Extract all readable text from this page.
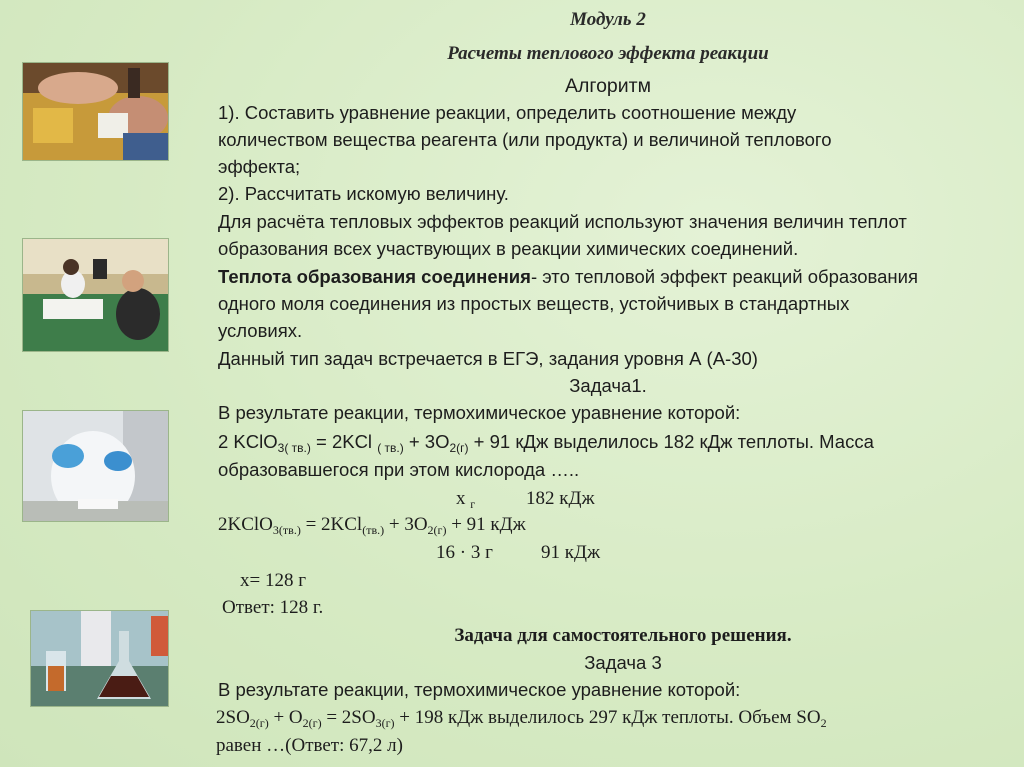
Модуль 2
Расчеты теплового эффекта реакции
Алгоритм
1). Составить уравнение реакции, определить соотношение между
количеством вещества реагента (или продукта) и величиной теплового
эффекта;
2). Рассчитать искомую величину.
Для расчёта тепловых эффектов реакций используют значения величин теплот
образования всех участвующих в реакции химических соединений.
Теплота образования соединения- это тепловой эффект реакций образования
одного моля соединения из простых веществ, устойчивых в стандартных
условиях.
Данный тип задач встречается в ЕГЭ, задания уровня А (А-30)
Задача1.
В результате реакции, термохимическое уравнение которой:
2 KClO$_{3( тв.)}$ = 2KCl $_{( тв.)} + 3O_{2(г)} + 91$ кДж выделилось 182 кДж теплоты. Масса
образовавшегося при этом кислорода …..
х $_г$	182 кДж
2KClO$_{3(тв.)}$ = $2KCl_{(тв.)} + 3O_{2(г)} + 91$ кДж
16 · 3 г	91 кДж
х= 128 г
Ответ: 128 г.
Задача для самостоятельного решения.
Задача 3
В результате реакции, термохимическое уравнение которой:
$2SO_{2(г)} + O_{2(г)} = 2SO_{3(г)} + 198$ кДж выделилось 297 кДж теплоты. Объем $SO_2$
равен …(Ответ: 67,2 л)
